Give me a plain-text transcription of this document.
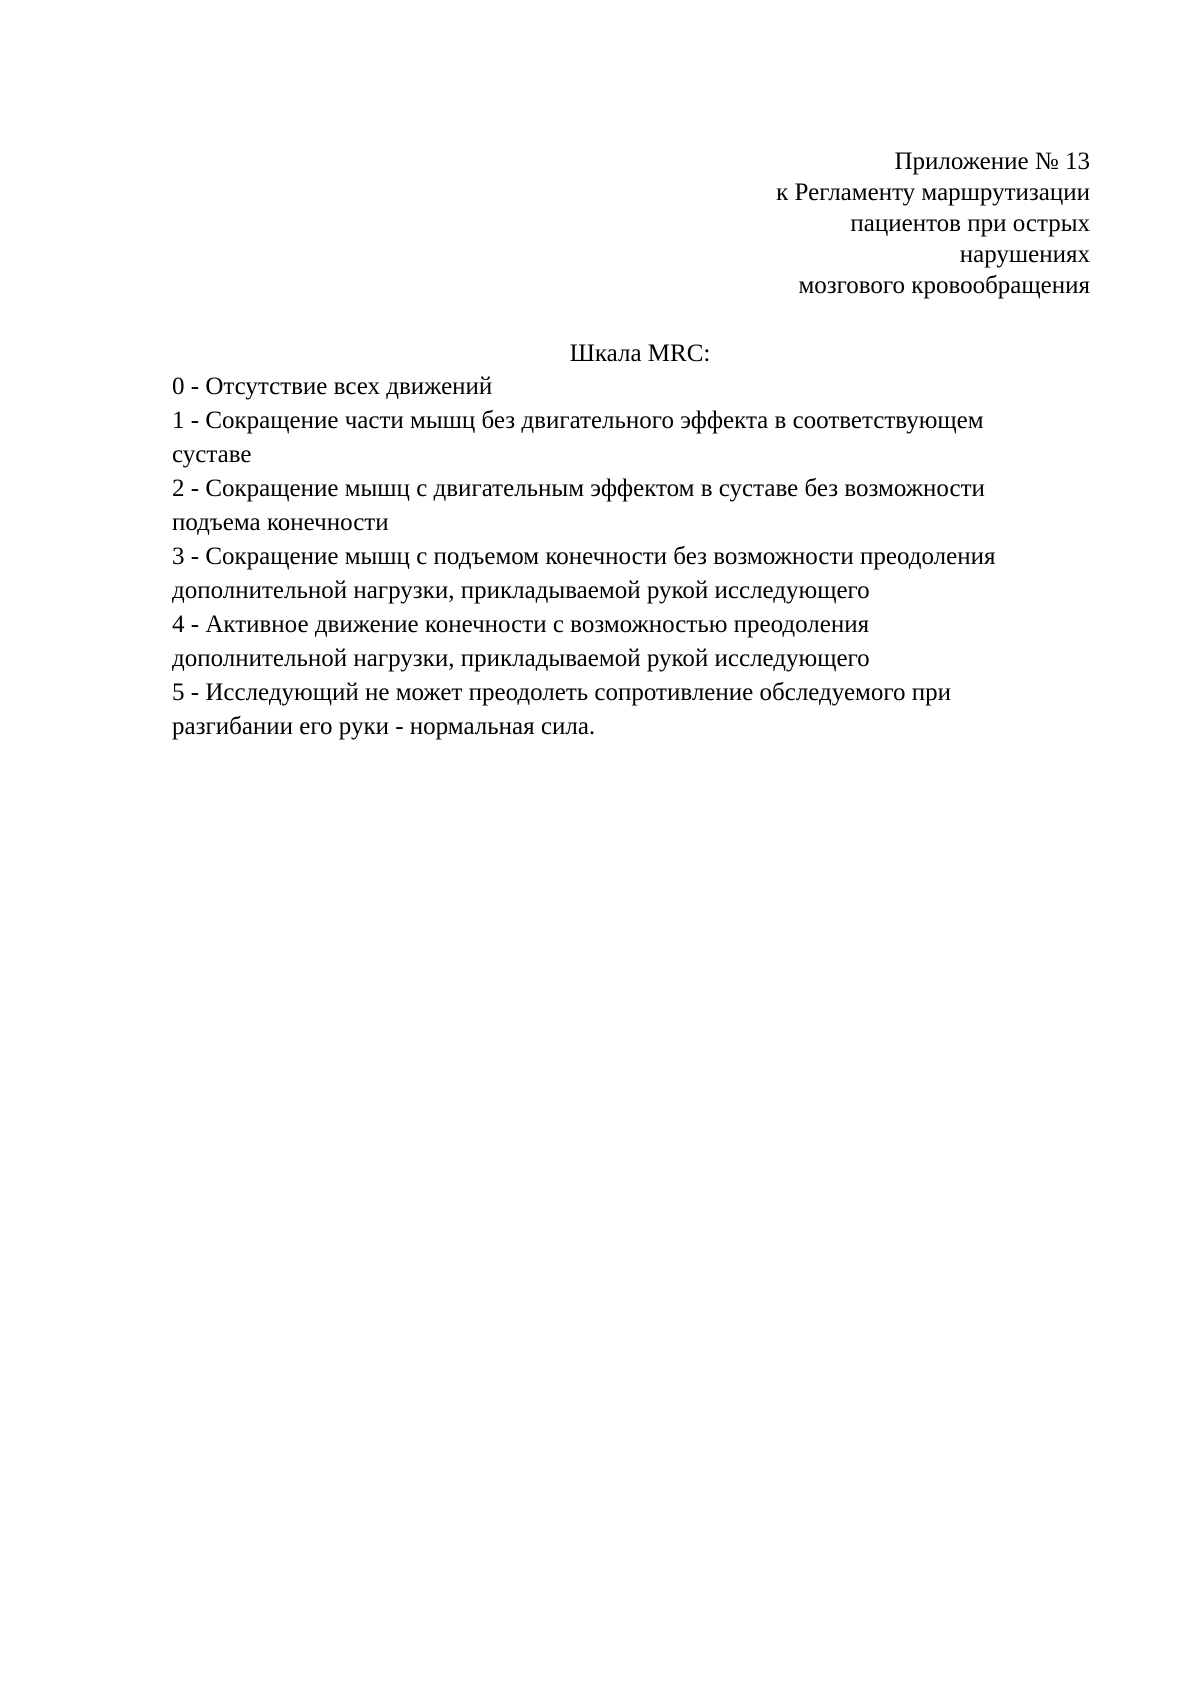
Приложение № 13
к Регламенту маршрутизации
пациентов при острых
нарушениях
мозгового кровообращения
Шкала MRC:
0 - Отсутствие всех движений
1 - Сокращение части мышц без двигательного эффекта в соответствующем
суставе
2 - Сокращение мышц с двигательным эффектом в суставе без возможности
подъема конечности
3 - Сокращение мышц с подъемом конечности без возможности преодоления
дополнительной нагрузки, прикладываемой рукой исследующего
4 - Активное движение конечности с возможностью преодоления
дополнительной нагрузки, прикладываемой рукой исследующего
5 - Исследующий не может преодолеть сопротивление обследуемого при
разгибании его руки - нормальная сила.
